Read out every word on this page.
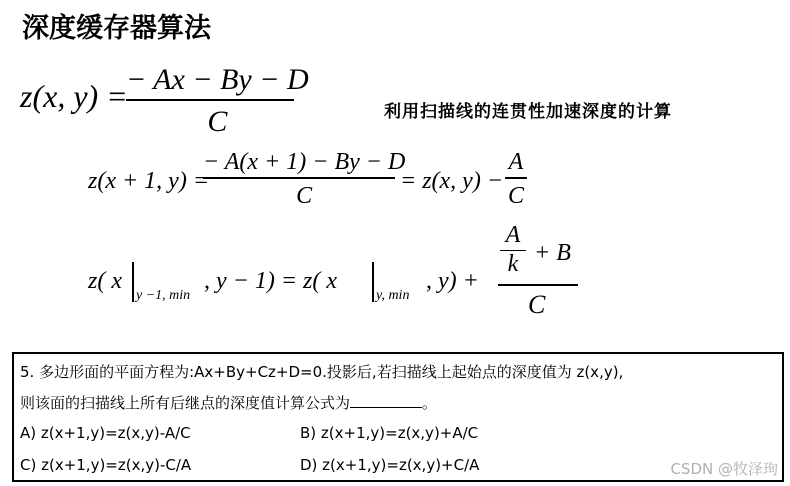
深度缓存器算法
利用扫描线的连贯性加速深度的计算
z(x, y) =
− Ax − By − D
C
z(x + 1, y) =
− A(x + 1) − By − D
C
= z(x, y) −
A
C
z( x
y −1, min
, y − 1) = z( x
y, min
, y) +
A
k + B
C
5. 多边形面的平面方程为:Ax+By+Cz+D=0.投影后,若扫描线上起始点的深度值为 z(x,y),
则该面的扫描线上所有后继点的深度值计算公式为	。
A) z(x+1,y)=z(x,y)-A/C	B) z(x+1,y)=z(x,y)+A/C
C) z(x+1,y)=z(x,y)-C/A	D) z(x+1,y)=z(x,y)+C/A	CSDN @牧泽珣
